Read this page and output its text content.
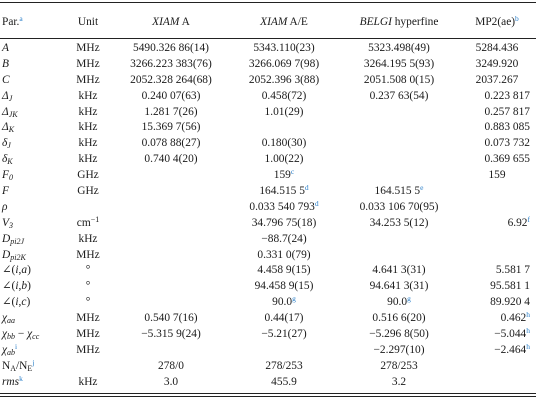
Par.$^a$	Unit	XIAM A	XIAM A/E	BELGI hyperfine	MP2(ae)$^b$
A	MHz	5490.326 86(14)	5343.110(23)	5323.498(49)	5284.436
B	MHz	3266.223 383(76)	3266.069 7(98)	3264.195 5(93)	3249.920
C	MHz	2052.328 264(68)	2052.396 3(88)	2051.508 0(15)	2037.267
$\Delta_J$	kHz	0.240 07(63)	0.458(72)	0.237 63(54)	0.223 817
$\Delta_{JK}$	kHz	1.281 7(26)	1.01(29)		0.257 817
$\Delta_K$	kHz	15.369 7(56)			0.883 085
$\delta_J$	kHz	0.078 88(27)	0.180(30)		0.073 732
$\delta_K$	kHz	0.740 4(20)	1.00(22)		0.369 655
$F_0$	GHz		159$^c$		159
F	GHz		164.515 5$^d$	164.515 5e	
ρ			0.033 540 793$^d$	0.033 106 70(95)	
$V_3$	$cm^{-1}$		34.796 75(18)	34.253 5(12)	6.92$^f$
$D_{pi2J}$	kHz		−88.7(24)		
$D_{pi2K}$	MHz		0.331 0(79)		
∠(i,a)	°		4.458 9(15)	4.641 3(31)	5.581 7
∠(i,b)	°		94.458 9(15)	94.641 3(31)	95.581 1
∠(i,c)	°		90.0$^g$	90.0$^g$	89.920 4
$\chi_{aa}$	MHz	0.540 7(16)	0.44(17)	0.516 6(20)	0.462$^h$
$\chi_{bb} - \chi_{cc}$	MHz	−5.315 9(24)	−5.21(27)	−5.296 8(50)	−5.044$^h$
$\chi_{ab}^i$	MHz			−2.297(10)	−2.464$^h$
$N_A/N_E^j$		278/0	278/253	278/253	
rms$^k$	kHz	3.0	455.9	3.2	
